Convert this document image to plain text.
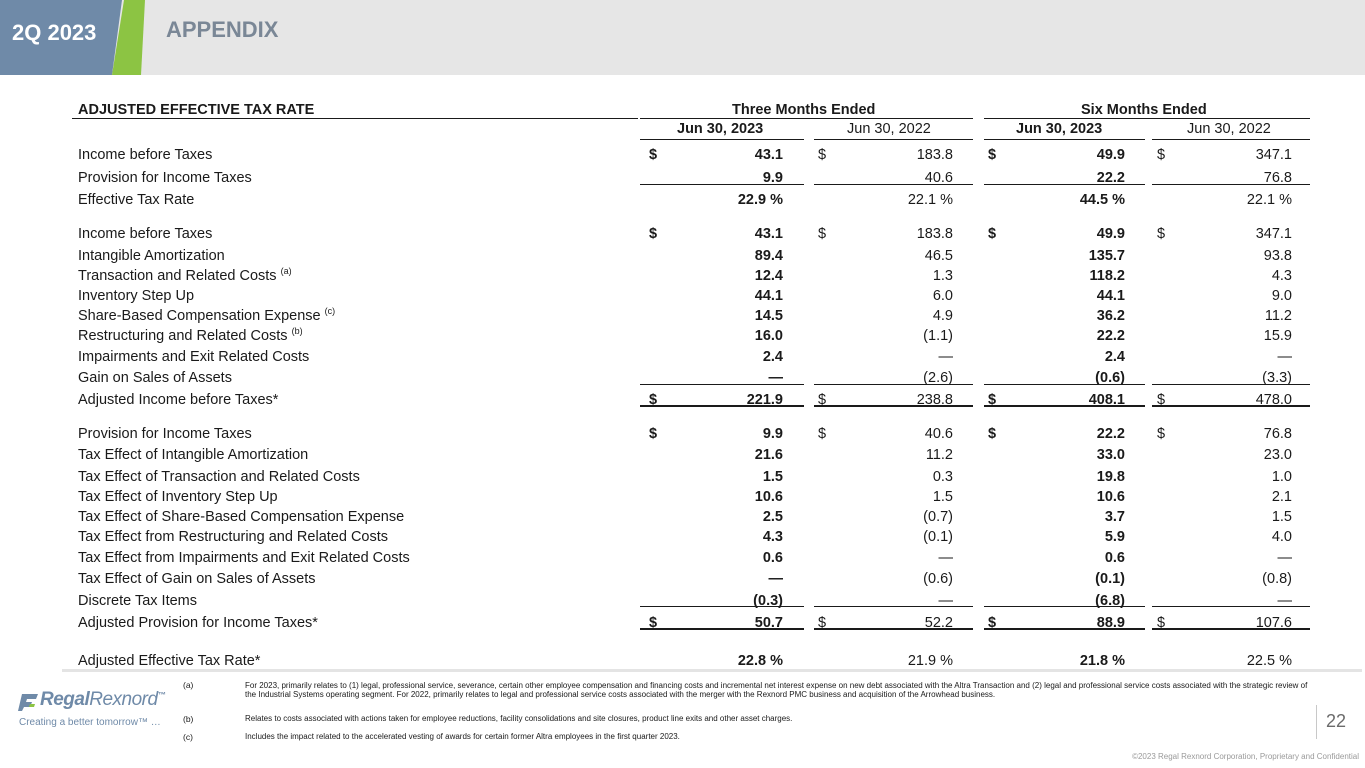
2Q 2023	APPENDIX
ADJUSTED EFFECTIVE TAX RATE	Three Months Ended	Six Months Ended
Jun 30, 2023	Jun 30, 2022	Jun 30, 2023	Jun 30, 2022
Income before Taxes	$	43.1 $	183.8 $	49.9 $	347.1
Provision for Income Taxes	9.9	40.6	22.2	76.8
Effective Tax Rate	22.9 %	22.1 %	44.5 %	22.1 %
Income before Taxes	$	43.1 $	183.8 $	49.9 $	347.1
Intangible Amortization	89.4	46.5	135.7	93.8
Transaction and Related Costs $^{(a)}$	12.4	1.3	118.2	4.3
Inventory Step Up	44.1	6.0	44.1	9.0
Share-Based Compensation Expense $^{(c)}$	14.5	4.9	36.2	11.2
Restructuring and Related Costs $^{(b)}$	16.0	(1.1)	22.2	15.9
Impairments and Exit Related Costs	2.4	—	2.4	—
Gain on Sales of Assets	—	(2.6)	(0.6)	(3.3)
Adjusted Income before Taxes*	$	221.9 $	238.8 $	408.1 $	478.0
Provision for Income Taxes	$	9.9 $	40.6 $	22.2 $	76.8
Tax Effect of Intangible Amortization	21.6	11.2	33.0	23.0
Tax Effect of Transaction and Related Costs	1.5	0.3	19.8	1.0
Tax Effect of Inventory Step Up	10.6	1.5	10.6	2.1
Tax Effect of Share-Based Compensation Expense	2.5	(0.7)	3.7	1.5
Tax Effect from Restructuring and Related Costs	4.3	(0.1)	5.9	4.0
Tax Effect from Impairments and Exit Related Costs	0.6	—	0.6	—
Tax Effect of Gain on Sales of Assets	—	(0.6)	(0.1)	(0.8)
Discrete Tax Items	(0.3)	—	(6.8)	—
Adjusted Provision for Income Taxes*	$	50.7 $	52.2 $	88.9 $	107.6
Adjusted Effective Tax Rate*	22.8 %	21.9 %	21.8 %	22.5 %
(a)	For 2023, primarily relates to (1) legal, professional service, severance, certain other employee compensation and financing costs and incremental net interest expense on new debt associated with the Altra Transaction and (2) legal and professional service costs associated with the strategic review of the Industrial Systems operating segment. For 2022, primarily relates to legal and professional service costs associated with the merger with the Rexnord PMC business and acquisition of the Arrowhead business.
(b)	Relates to costs associated with actions taken for employee reductions, facility consolidations and site closures, product line exits and other asset charges.
(c)	Includes the impact related to the accelerated vesting of awards for certain former Altra employees in the first quarter 2023.
RegalRexnord™
Creating a better tomorrow™ …	22
©2023 Regal Rexnord Corporation, Proprietary and Confidential
